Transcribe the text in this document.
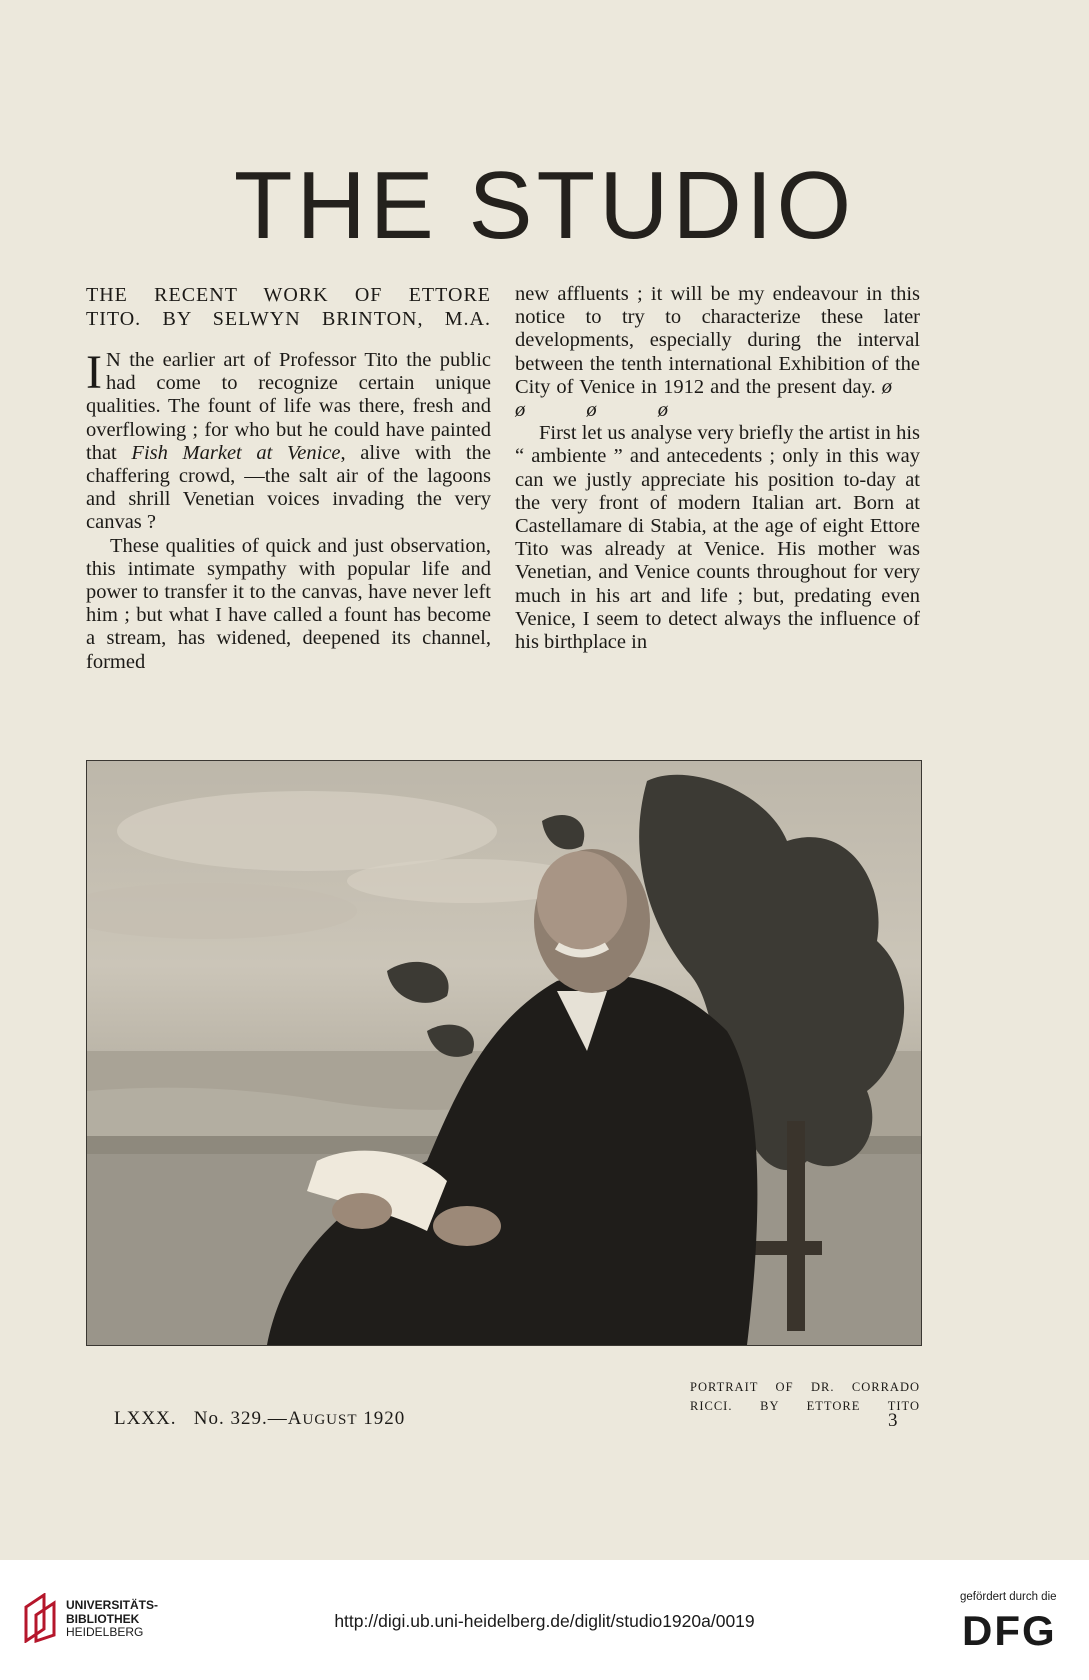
THE STUDIO
THE RECENT WORK OF ETTORE
TITO. BY SELWYN BRINTON, M.A.

I N the earlier art of Professor Tito the public had come to recognize certain unique qualities. The fount of life was there, fresh and overflowing ; for who but he could have painted that Fish Market at Venice, alive with the chaffering crowd, —the salt air of the lagoons and shrill Venetian voices invading the very canvas ?

These qualities of quick and just observation, this intimate sympathy with popular life and power to transfer it to the canvas, have never left him ; but what I have called a fount has become a stream, has widened, deepened its channel, formed

new affluents ; it will be my endeavour in this notice to try to characterize these later developments, especially during the interval between the tenth international Exhibition of the City of Venice in 1912 and the present day. ø ø ø ø

First let us analyse very briefly the artist in his “ ambiente ” and antecedents ; only in this way can we justly appreciate his position to-day at the very front of modern Italian art. Born at Castellamare di Stabia, at the age of eight Ettore Tito was already at Venice. His mother was Venetian, and Venice counts throughout for very much in his art and life ; but, predating even Venice, I seem to detect always the influence of his birthplace in

PORTRAIT OF DR. CORRADO
RICCI. BY ETTORE TITO
LXXX. No. 329.—AUGUST 1920	3
UNIVERSITÄTS-
BIBLIOTHEK
HEIDELBERG
http://digi.ub.uni-heidelberg.de/diglit/studio1920a/0019
gefördert durch die
DFG
